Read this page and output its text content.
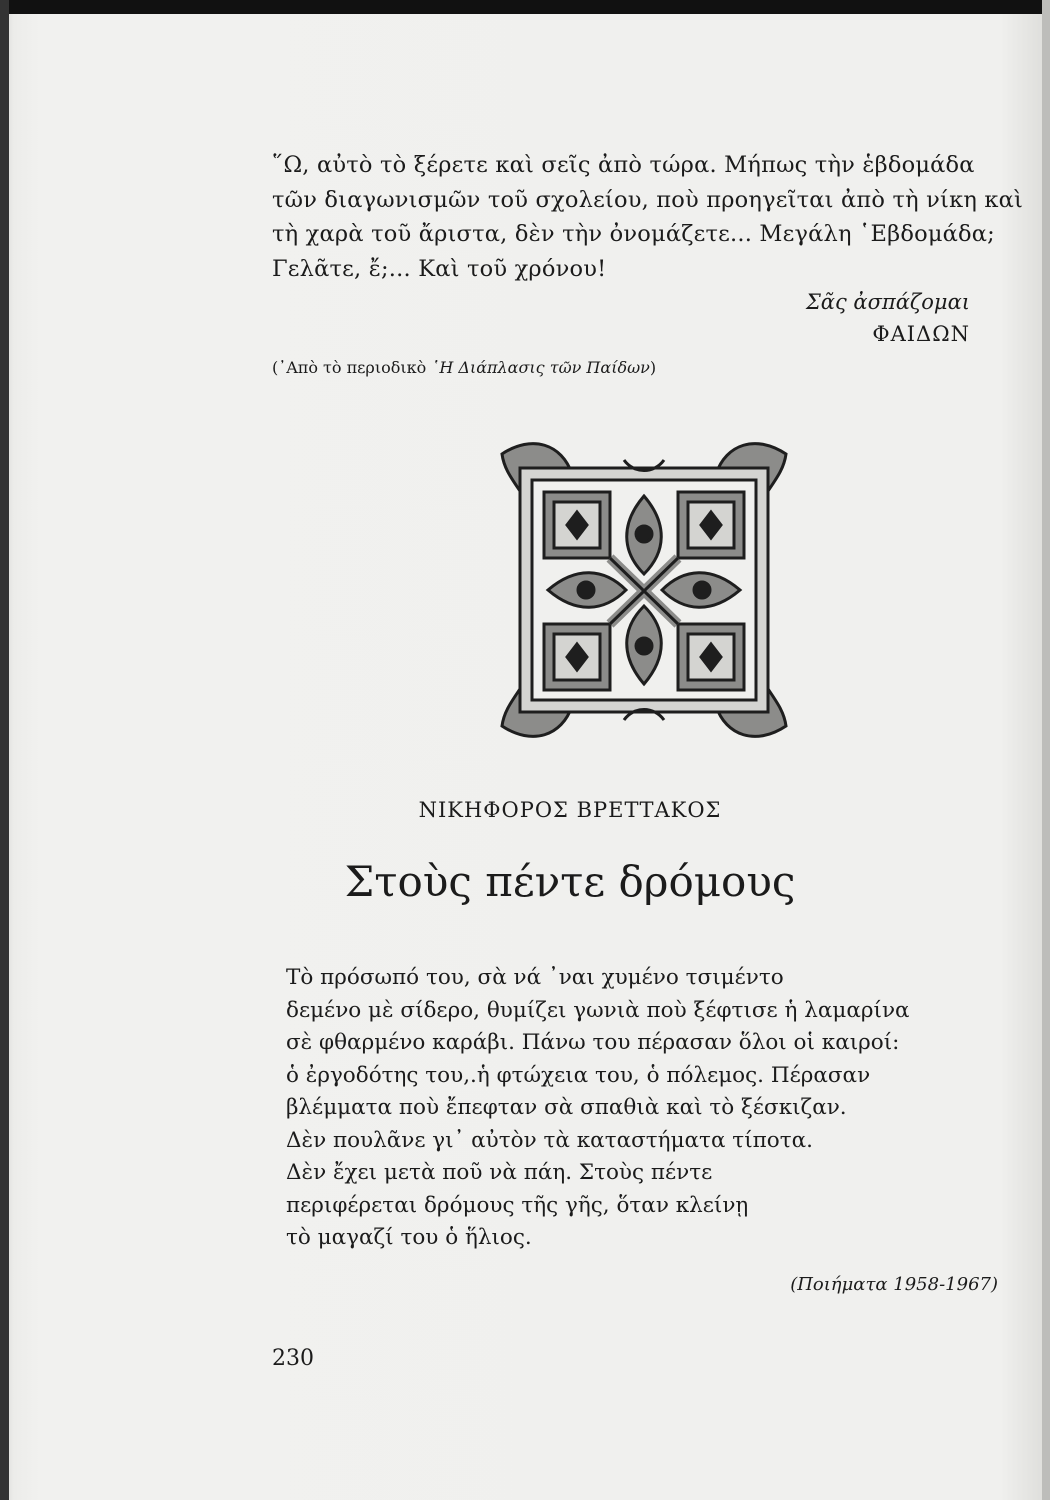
῞Ω, αὐτὸ τὸ ξέρετε καὶ σεῖς ἀπὸ τώρα. Μήπως τὴν ἑβδομάδα

τῶν διαγωνισμῶν τοῦ σχολείου, ποὺ προηγεῖται ἀπὸ τὴ νίκη καὶ

τὴ χαρὰ τοῦ ἄριστα, δὲν τὴν ὀνομάζετε... Μεγάλη ῾Εβδομάδα;

Γελᾶτε, ἔ;... Καὶ τοῦ χρόνου!

Σᾶς ἀσπάζομαι
ΦΑΙΔΩΝ
(᾿Απὸ τὸ περιοδικὸ ῾Η Διάπλασις τῶν Παίδων)
ΝΙΚΗΦΟΡΟΣ ΒΡΕΤΤΑΚΟΣ
Στοὺς πέντε δρόμους

Τὸ πρόσωπό του, σὰ νά ᾽ναι χυμένο τσιμέντο

δεμένο μὲ σίδερο, θυμίζει γωνιὰ ποὺ ξέφτισε ἡ λαμαρίνα

σὲ φθαρμένο καράβι. Πάνω του πέρασαν ὅλοι οἱ καιροί:

ὁ ἐργοδότης του,.ἡ φτώχεια του, ὁ πόλεμος. Πέρασαν

βλέμματα ποὺ ἔπεφταν σὰ σπαθιὰ καὶ τὸ ξέσκιζαν.

Δὲν πουλᾶνε γι᾽ αὐτὸν τὰ καταστήματα τίποτα.

Δὲν ἔχει μετὰ ποῦ νὰ πάη. Στοὺς πέντε

περιφέρεται δρόμους τῆς γῆς, ὅταν κλείνῃ

τὸ μαγαζί του ὁ ἥλιος.

(Ποιήματα 1958-1967)
230
